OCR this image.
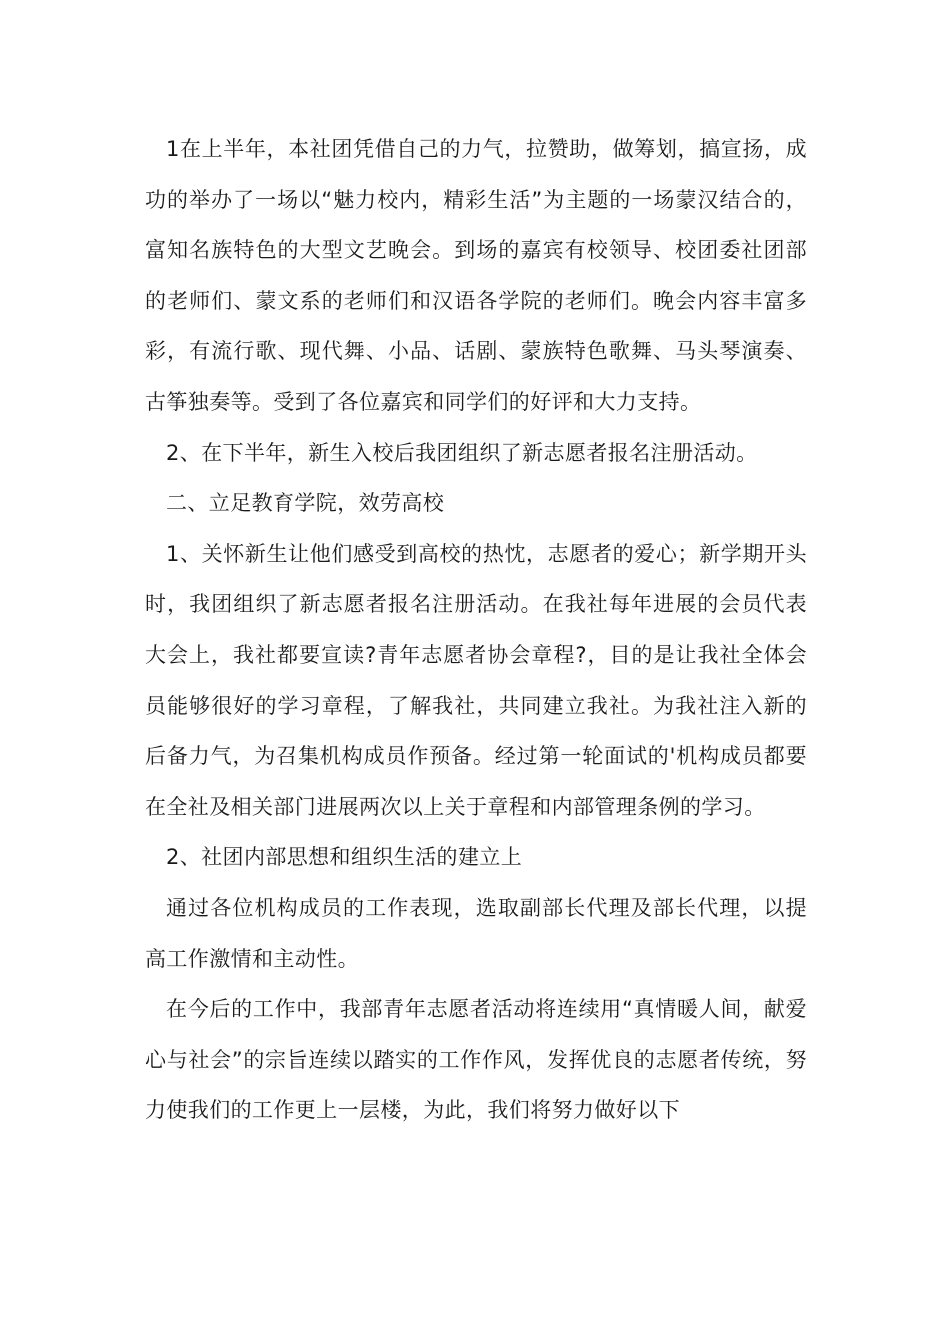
1在上半年，本社团凭借自己的力气，拉赞助，做筹划，搞宣扬，成功的举办了一场以“魅力校内，精彩生活”为主题的一场蒙汉结合的，富知名族特色的大型文艺晚会。到场的嘉宾有校领导、校团委社团部的老师们、蒙文系的老师们和汉语各学院的老师们。晚会内容丰富多彩，有流行歌、现代舞、小品、话剧、蒙族特色歌舞、马头琴演奏、古筝独奏等。受到了各位嘉宾和同学们的好评和大力支持。

2、在下半年，新生入校后我团组织了新志愿者报名注册活动。

二、立足教育学院，效劳高校

1、关怀新生让他们感受到高校的热忱，志愿者的爱心；新学期开头时，我团组织了新志愿者报名注册活动。在我社每年进展的会员代表大会上，我社都要宣读?青年志愿者协会章程?，目的是让我社全体会员能够很好的学习章程，了解我社，共同建立我社。为我社注入新的后备力气，为召集机构成员作预备。经过第一轮面试的'机构成员都要在全社及相关部门进展两次以上关于章程和内部管理条例的学习。

2、社团内部思想和组织生活的建立上

通过各位机构成员的工作表现，选取副部长代理及部长代理，以提高工作激情和主动性。

在今后的工作中，我部青年志愿者活动将连续用“真情暖人间，献爱心与社会”的宗旨连续以踏实的工作作风，发挥优良的志愿者传统，努力使我们的工作更上一层楼，为此，我们将努力做好以下
